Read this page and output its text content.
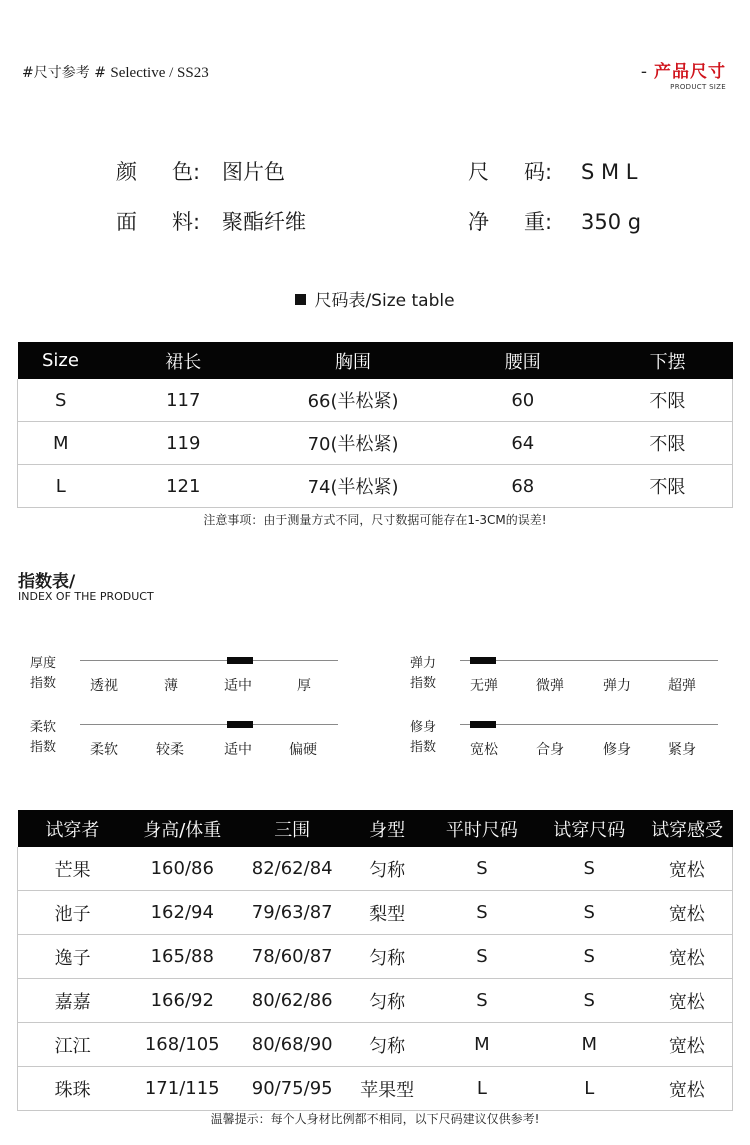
#尺寸参考 # Selective / SS23	- 产品尺寸
PRODUCT SIZE
颜 色: 图片色	尺 码: S M L
面 料: 聚酯纤维	净 重: 350 g
尺码表/Size table
Size	裙长	胸围	腰围	下摆
S	117	66(半松紧)	60	不限
M	119	70(半松紧)	64	不限
L	121	74(半松紧)	68	不限
注意事项：由于测量方式不同，尺寸数据可能存在1-3CM的误差!
指数表/
INDEX OF THE PRODUCT
厚度
指数 透视	薄	适中	厚
弹力
指数 无弹	微弹	弹力	超弹
柔软
指数 柔软	较柔	适中	偏硬
修身
指数 宽松	合身	修身	紧身
试穿者	身高/体重	三围	身型	平时尺码	试穿尺码	试穿感受
芒果	160/86	82/62/84	匀称	S	S	宽松
池子	162/94	79/63/87	梨型	S	S	宽松
逸子	165/88	78/60/87	匀称	S	S	宽松
嘉嘉	166/92	80/62/86	匀称	S	S	宽松
江江	168/105	80/68/90	匀称	M	M	宽松
珠珠	171/115	90/75/95	苹果型	L	L	宽松
温馨提示：每个人身材比例都不相同，以下尺码建议仅供参考!
